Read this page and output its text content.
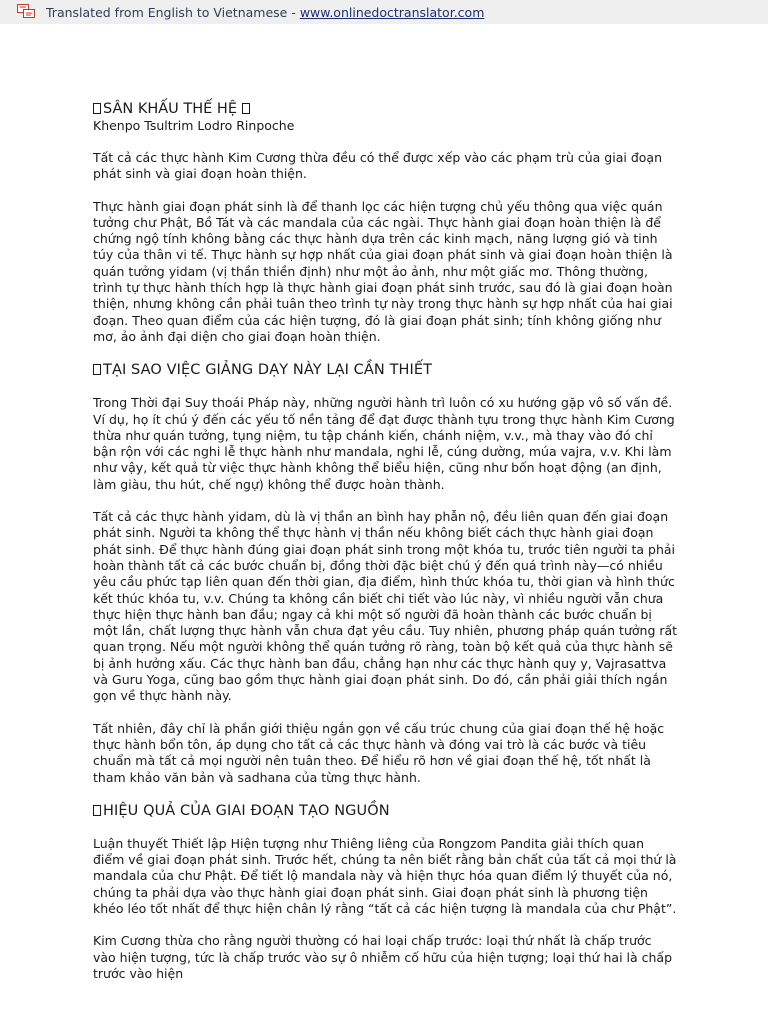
Translated from English to Vietnamese - www.onlinedoctranslator.com

SÂN KHẤU THẾ HỆ

Khenpo Tsultrim Lodro Rinpoche

Tất cả các thực hành Kim Cương thừa đều có thể được xếp vào các phạm trù của giai đoạn phát sinh và giai đoạn hoàn thiện.

Thực hành giai đoạn phát sinh là để thanh lọc các hiện tượng chủ yếu thông qua việc quán tưởng chư Phật, Bồ Tát và các mandala của các ngài. Thực hành giai đoạn hoàn thiện là để chứng ngộ tính không bằng các thực hành dựa trên các kinh mạch, năng lượng gió và tinh túy của thân vi tế. Thực hành sự hợp nhất của giai đoạn phát sinh và giai đoạn hoàn thiện là quán tưởng yidam (vị thần thiền định) như một ảo ảnh, như một giấc mơ. Thông thường, trình tự thực hành thích hợp là thực hành giai đoạn phát sinh trước, sau đó là giai đoạn hoàn thiện, nhưng không cần phải tuân theo trình tự này trong thực hành sự hợp nhất của hai giai đoạn. Theo quan điểm của các hiện tượng, đó là giai đoạn phát sinh; tính không giống như mơ, ảo ảnh đại diện cho giai đoạn hoàn thiện.

TẠI SAO VIỆC GIẢNG DẠY NÀY LẠI CẦN THIẾT

Trong Thời đại Suy thoái Pháp này, những người hành trì luôn có xu hướng gặp vô số vấn đề. Ví dụ, họ ít chú ý đến các yếu tố nền tảng để đạt được thành tựu trong thực hành Kim Cương thừa như quán tưởng, tụng niệm, tu tập chánh kiến, chánh niệm, v.v., mà thay vào đó chỉ bận rộn với các nghi lễ thực hành như mandala, nghi lễ, cúng dường, múa vajra, v.v. Khi làm như vậy, kết quả từ việc thực hành không thể biểu hiện, cũng như bốn hoạt động (an định, làm giàu, thu hút, chế ngự) không thể được hoàn thành.

Tất cả các thực hành yidam, dù là vị thần an bình hay phẫn nộ, đều liên quan đến giai đoạn phát sinh. Người ta không thể thực hành vị thần nếu không biết cách thực hành giai đoạn phát sinh. Để thực hành đúng giai đoạn phát sinh trong một khóa tu, trước tiên người ta phải hoàn thành tất cả các bước chuẩn bị, đồng thời đặc biệt chú ý đến quá trình này—có nhiều yêu cầu phức tạp liên quan đến thời gian, địa điểm, hình thức khóa tu, thời gian và hình thức kết thúc khóa tu, v.v. Chúng ta không cần biết chi tiết vào lúc này, vì nhiều người vẫn chưa thực hiện thực hành ban đầu; ngay cả khi một số người đã hoàn thành các bước chuẩn bị một lần, chất lượng thực hành vẫn chưa đạt yêu cầu. Tuy nhiên, phương pháp quán tưởng rất quan trọng. Nếu một người không thể quán tưởng rõ ràng, toàn bộ kết quả của thực hành sẽ bị ảnh hưởng xấu. Các thực hành ban đầu, chẳng hạn như các thực hành quy y, Vajrasattva và Guru Yoga, cũng bao gồm thực hành giai đoạn phát sinh. Do đó, cần phải giải thích ngắn gọn về thực hành này.

Tất nhiên, đây chỉ là phần giới thiệu ngắn gọn về cấu trúc chung của giai đoạn thế hệ hoặc thực hành bổn tôn, áp dụng cho tất cả các thực hành và đóng vai trò là các bước và tiêu chuẩn mà tất cả mọi người nên tuân theo. Để hiểu rõ hơn về giai đoạn thế hệ, tốt nhất là tham khảo văn bản và sadhana của từng thực hành.

HIỆU QUẢ CỦA GIAI ĐOẠN TẠO NGUỒN

Luận thuyết Thiết lập Hiện tượng như Thiêng liêng của Rongzom Pandita giải thích quan điểm về giai đoạn phát sinh. Trước hết, chúng ta nên biết rằng bản chất của tất cả mọi thứ là mandala của chư Phật. Để tiết lộ mandala này và hiện thực hóa quan điểm lý thuyết của nó, chúng ta phải dựa vào thực hành giai đoạn phát sinh. Giai đoạn phát sinh là phương tiện khéo léo tốt nhất để thực hiện chân lý rằng “tất cả các hiện tượng là mandala của chư Phật”.

Kim Cương thừa cho rằng người thường có hai loại chấp trước: loại thứ nhất là chấp trước vào hiện tượng, tức là chấp trước vào sự ô nhiễm cố hữu của hiện tượng; loại thứ hai là chấp trước vào hiện
